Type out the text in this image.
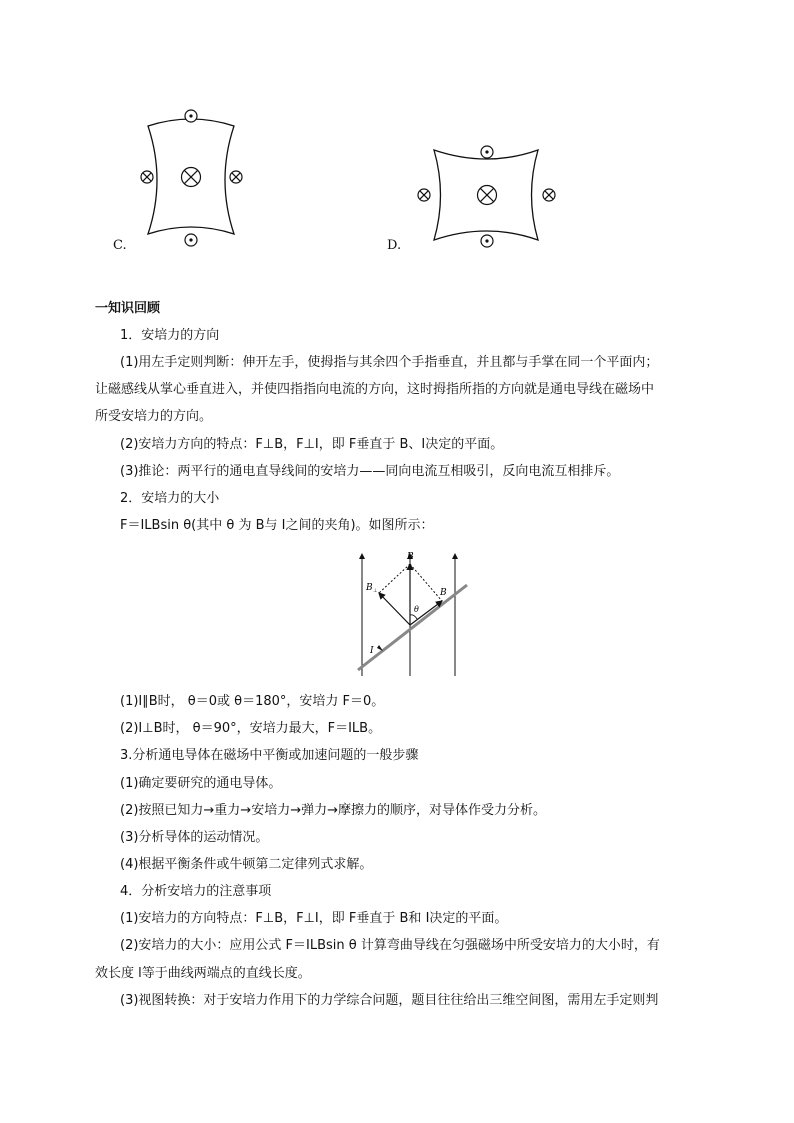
C.	D.
一知识回顾
1．安培力的方向
(1)用左手定则判断：伸开左手，使拇指与其余四个手指垂直，并且都与手掌在同一个平面内；
让磁感线从掌心垂直进入，并使四指指向电流的方向，这时拇指所指的方向就是通电导线在磁场中
所受安培力的方向。
(2)安培力方向的特点：F⊥B，F⊥I，即 F垂直于 B、I决定的平面。
(3)推论：两平行的通电直导线间的安培力——同向电流互相吸引，反向电流互相排斥。
2．安培力的大小
F＝ILBsin θ(其中 θ 为 B与 I之间的夹角)。如图所示：
B
B ⊥	B
θ
I
(1)I∥B时， θ＝0或 θ＝180°，安培力 F＝0。
(2)I⊥B时， θ＝90°，安培力最大，F＝ILB。
3.分析通电导体在磁场中平衡或加速问题的一般步骤
(1)确定要研究的通电导体。
(2)按照已知力→重力→安培力→弹力→摩擦力的顺序，对导体作受力分析。
(3)分析导体的运动情况。
(4)根据平衡条件或牛顿第二定律列式求解。
4．分析安培力的注意事项
(1)安培力的方向特点：F⊥B，F⊥I，即 F垂直于 B和 I决定的平面。
(2)安培力的大小：应用公式 F＝ILBsin θ 计算弯曲导线在匀强磁场中所受安培力的大小时，有
效长度 l等于曲线两端点的直线长度。
(3)视图转换：对于安培力作用下的力学综合问题，题目往往给出三维空间图，需用左手定则判
